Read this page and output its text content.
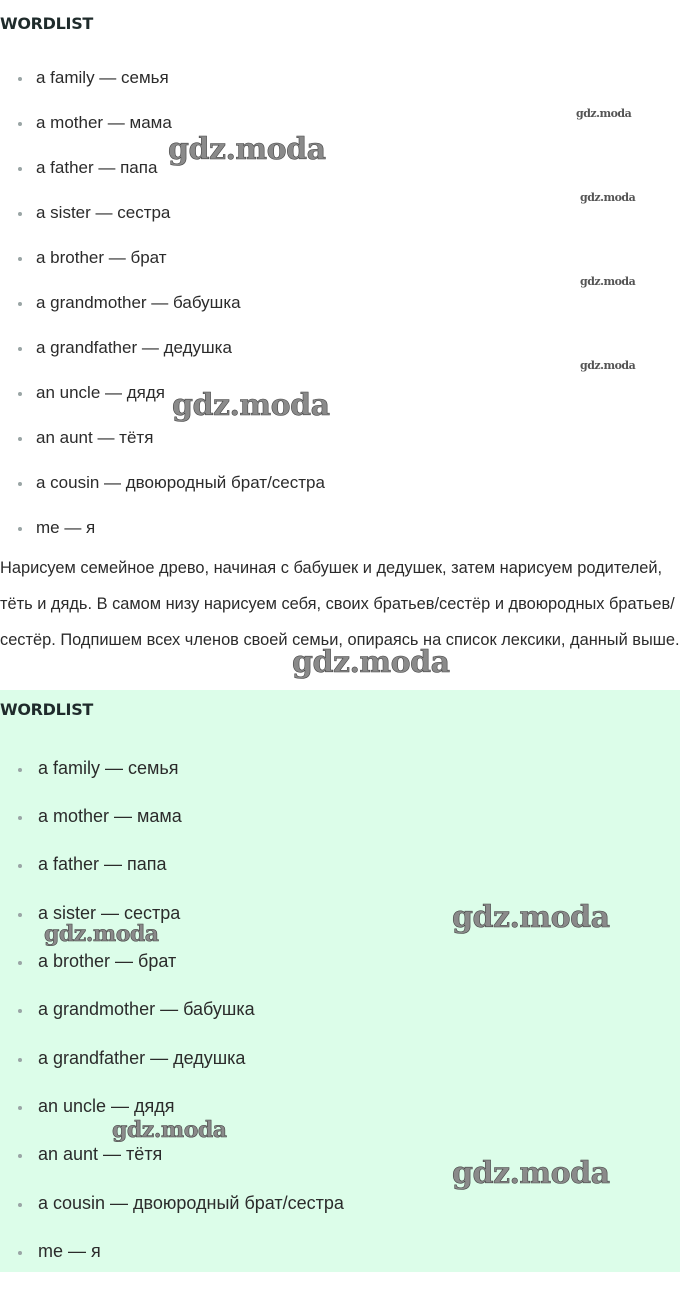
WORDLIST
a family — семья
a mother — мама
a father — папа
a sister — сестра
a brother — брат
a grandmother — бабушка
a grandfather — дедушка
an uncle — дядя
an aunt — тётя
a cousin — двоюродный брат/сестра
me — я

Нарисуем семейное древо, начиная с бабушек и дедушек, затем нарисуем родителей, тёть и дядь. В самом низу нарисуем себя, своих братьев/сестёр и двоюродных братьев/сестёр. Подпишем всех членов своей семьи, опираясь на список лексики, данный выше.

WORDLIST
a family — семья
a mother — мама
a father — папа
a sister — сестра
a brother — брат
a grandmother — бабушка
a grandfather — дедушка
an uncle — дядя
an aunt — тётя
a cousin — двоюродный брат/сестра
me — я
gdz.moda
gdz.moda
gdz.moda
gdz.moda
gdz.moda
gdz.moda
gdz.moda
gdz.moda
gdz.moda
gdz.moda
gdz.moda
